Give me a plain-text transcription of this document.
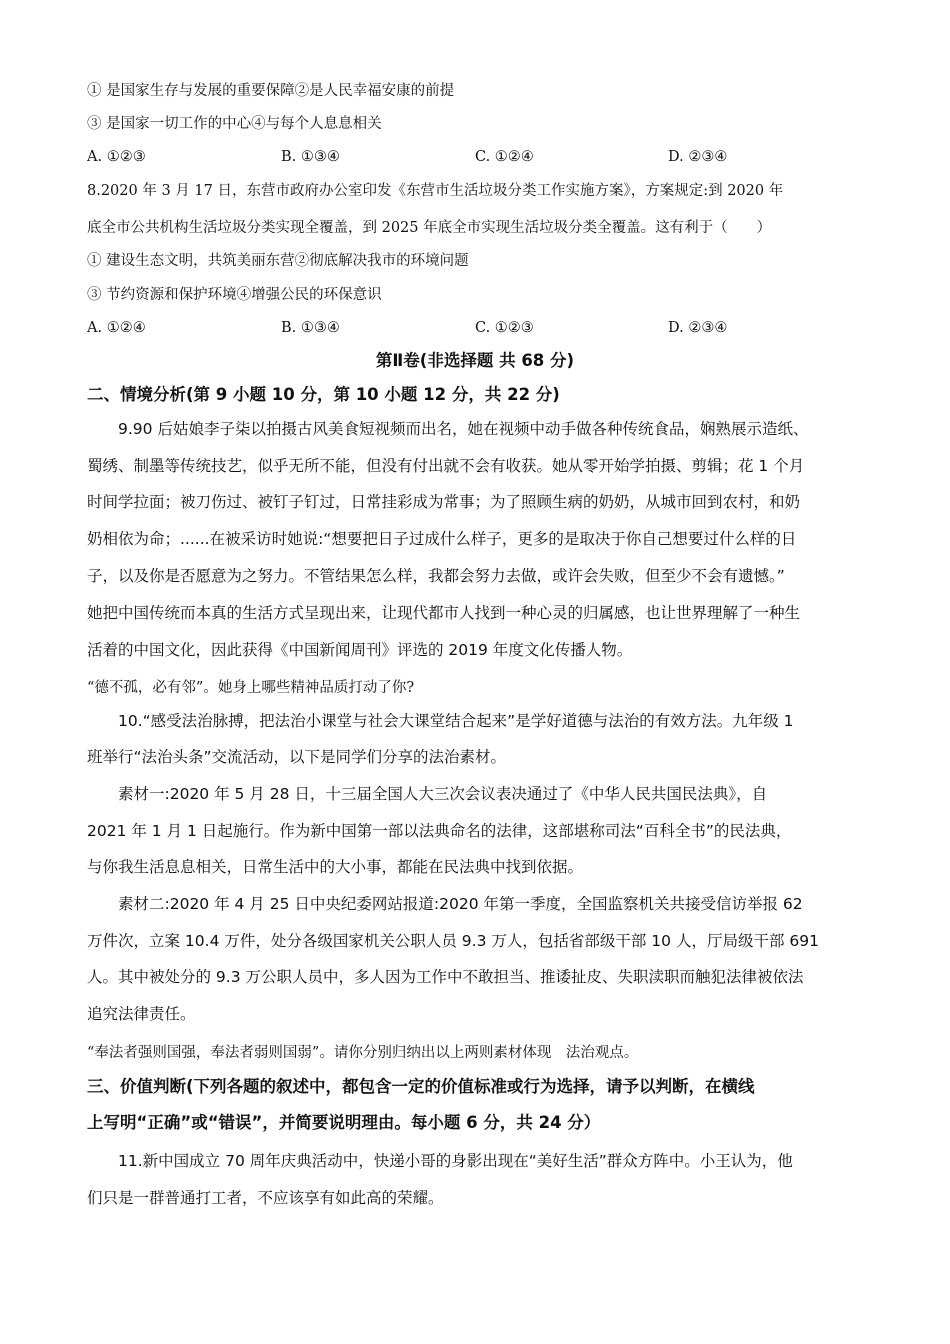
① 是国家生存与发展的重要保障②是人民幸福安康的前提
③ 是国家一切工作的中心④与每个人息息相关
A. ①②③	B. ①③④	C. ①②④	D. ②③④
8.2020 年 3 月 17 日，东营市政府办公室印发《东营市生活垃圾分类工作实施方案》，方案规定:到 2020 年
底全市公共机构生活垃圾分类实现全覆盖，到 2025 年底全市实现生活垃圾分类全覆盖。这有利于（　　）
① 建设生态文明，共筑美丽东营②彻底解决我市的环境问题
③ 节约资源和保护环境④增强公民的环保意识
A. ①②④	B. ①③④	C. ①②③	D. ②③④
第Ⅱ卷(非选择题 共 68 分)
二、情境分析(第 9 小题 10 分，第 10 小题 12 分，共 22 分)
9.90 后姑娘李子柒以拍摄古风美食短视频而出名，她在视频中动手做各种传统食品，娴熟展示造纸、
蜀绣、制墨等传统技艺，似乎无所不能，但没有付出就不会有收获。她从零开始学拍摄、剪辑；花 1 个月
时间学拉面；被刀伤过、被钉子钉过，日常挂彩成为常事；为了照顾生病的奶奶，从城市回到农村，和奶
奶相依为命；......在被采访时她说:“想要把日子过成什么样子，更多的是取决于你自己想要过什么样的日
子，以及你是否愿意为之努力。不管结果怎么样，我都会努力去做，或许会失败，但至少不会有遗憾。”
她把中国传统而本真的生活方式呈现出来，让现代都市人找到一种心灵的归属感，也让世界理解了一种生
活着的中国文化，因此获得《中国新闻周刊》评选的 2019 年度文化传播人物。
“德不孤，必有邻”。她身上哪些精神品质打动了你?
10.“感受法治脉搏，把法治小课堂与社会大课堂结合起来”是学好道德与法治的有效方法。九年级 1
班举行“法治头条”交流活动，以下是同学们分享的法治素材。
素材一:2020 年 5 月 28 日，十三届全国人大三次会议表决通过了《中华人民共国民法典》，自
2021 年 1 月 1 日起施行。作为新中国第一部以法典命名的法律，这部堪称司法“百科全书”的民法典，
与你我生活息息相关，日常生活中的大小事，都能在民法典中找到依据。
素材二:2020 年 4 月 25 日中央纪委网站报道:2020 年第一季度，全国监察机关共接受信访举报 62
万件次，立案 10.4 万件，处分各级国家机关公职人员 9.3 万人，包括省部级干部 10 人，厅局级干部 691
人。其中被处分的 9.3 万公职人员中，多人因为工作中不敢担当、推诿扯皮、失职渎职而触犯法律被依法
追究法律责任。
“奉法者强则国强，奉法者弱则国弱”。请你分别归纳出以上两则素材体现　法治观点。
三、价值判断(下列各题的叙述中，都包含一定的价值标准或行为选择，请予以判断，在横线
上写明“正确”或“错误”，并简要说明理由。每小题 6 分，共 24 分）
11.新中国成立 70 周年庆典活动中，快递小哥的身影出现在“美好生活”群众方阵中。小王认为，他
们只是一群普通打工者，不应该享有如此高的荣耀。
